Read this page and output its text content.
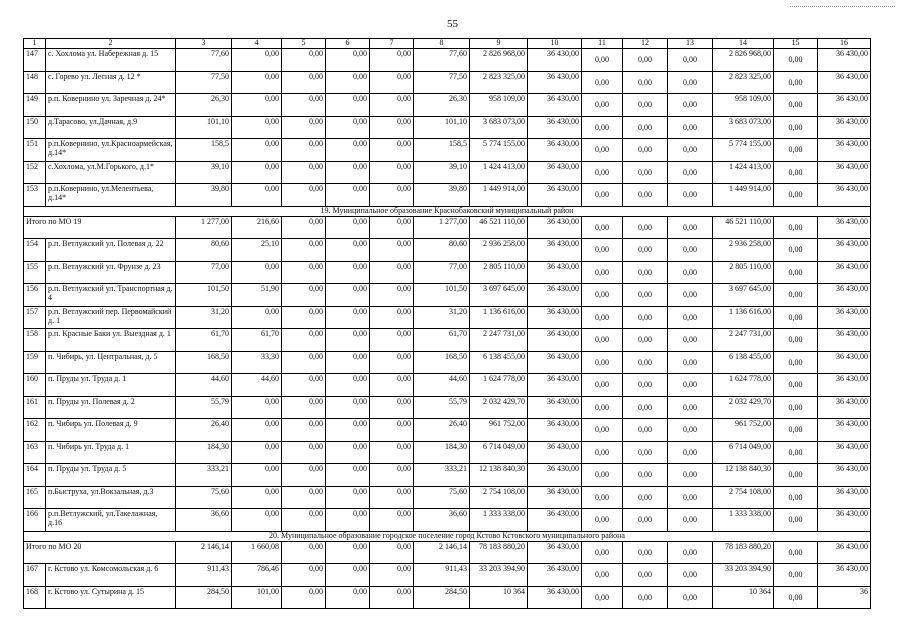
55
1	2	3	4	5	6	7	8	9	10	11	12	13	14	15	16
147	с. Хохлома ул. Набережная д. 15	77,60	0,00	0,00	0,00	0,00	77,60	2 826 968,00	36 430,00	0,00	0,00	0,00	2 826 968,00	0,00	36 430,00
148	с. Горево ул. Лесная д. 12 *	77,50	0,00	0,00	0,00	0,00	77,50	2 823 325,00	36 430,00	0,00	0,00	0,00	2 823 325,00	0,00	36 430,00
149	р.п. Ковернино ул. Заречная д. 24*	26,30	0,00	0,00	0,00	0,00	26,30	958 109,00	36 430,00	0,00	0,00	0,00	958 109,00	0,00	36 430,00
150	д.Тарасово, ул.Дачная, д.9	101,10	0,00	0,00	0,00	0,00	101,10	3 683 073,00	36 430,00	0,00	0,00	0,00	3 683 073,00	0,00	36 430,00
151	р.п.Ковернино, ул.Красноармейская, д.14*	158,5	0,00	0,00	0,00	0,00	158,5	5 774 155,00	36 430,00	0,00	0,00	0,00	5 774 155,00	0,00	36 430,00
152	с.Хохлома, ул.М.Горького, д.1*	39,10	0,00	0,00	0,00	0,00	39,10	1 424 413,00	36 430,00	0,00	0,00	0,00	1 424 413,00	0,00	36 430,00
153	р.п.Ковернино, ул.Мелентьева, д.14*	39,80	0,00	0,00	0,00	0,00	39,80	1 449 914,00	36 430,00	0,00	0,00	0,00	1 449 914,00	0,00	36 430,00
19. Муниципальное образование Краснобаковский муниципальный район															
Итого по МО 19		1 277,00	216,60	0,00	0,00	0,00	1 277,00	46 521 110,00	36 430,00	0,00	0,00	0,00	46 521 110,00	0,00	36 430,00
154	р.п. Ветлужский ул. Полевая д. 22	80,60	25,10	0,00	0,00	0,00	80,60	2 936 258,00	36 430,00	0,00	0,00	0,00	2 936 258,00	0,00	36 430,00
155	р.п. Ветлужский ул. Фрунзе д. 23	77,00	0,00	0,00	0,00	0,00	77,00	2 805 110,00	36 430,00	0,00	0,00	0,00	2 805 110,00	0,00	36 430,00
156	р.п. Ветлужский ул. Транспортная д. 4	101,50	51,90	0,00	0,00	0,00	101,50	3 697 645,00	36 430,00	0,00	0,00	0,00	3 697 645,00	0,00	36 430,00
157	р.п. Ветлужский пер. Первомайский д. 1	31,20	0,00	0,00	0,00	0,00	31,20	1 136 616,00	36 430,00	0,00	0,00	0,00	1 136 616,00	0,00	36 430,00
158	р.п. Красные Баки ул. Выездная д. 1	61,70	61,70	0,00	0,00	0,00	61,70	2 247 731,00	36 430,00	0,00	0,00	0,00	2 247 731,00	0,00	36 430,00
159	п. Чибирь, ул. Центральная, д. 5	168,50	33,30	0,00	0,00	0,00	168,50	6 138 455,00	36 430,00	0,00	0,00	0,00	6 138 455,00	0,00	36 430,00
160	п. Пруды ул. Труда д. 1	44,60	44,60	0,00	0,00	0,00	44,60	1 624 778,00	36 430,00	0,00	0,00	0,00	1 624 778,00	0,00	36 430,00
161	п. Пруды ул. Полевая д. 2	55,79	0,00	0,00	0,00	0,00	55,79	2 032 429,70	36 430,00	0,00	0,00	0,00	2 032 429,70	0,00	36 430,00
162	п. Чибирь ул. Полевая д. 9	26,40	0,00	0,00	0,00	0,00	26,40	961 752,00	36 430,00	0,00	0,00	0,00	961 752,00	0,00	36 430,00
163	п. Чибирь ул. Труда д. 1	184,30	0,00	0,00	0,00	0,00	184,30	6 714 049,00	36 430,00	0,00	0,00	0,00	6 714 049,00	0,00	36 430,00
164	п. Пруды ул. Труда д. 5	333,21	0,00	0,00	0,00	0,00	333,21	12 138 840,30	36 430,00	0,00	0,00	0,00	12 138 840,30	0,00	36 430,00
165	п.Быструха, ул.Вокзальная, д.3	75,60	0,00	0,00	0,00	0,00	75,60	2 754 108,00	36 430,00	0,00	0,00	0,00	2 754 108,00	0,00	36 430,00
166	р.п.Ветлужский, ул.Такелажная, д.16	36,60	0,00	0,00	0,00	0,00	36,60	1 333 338,00	36 430,00	0,00	0,00	0,00	1 333 338,00	0,00	36 430,00
20. Муниципальное образование городское поселение город Кстово Кстовского муниципального района															
Итого по МО 20		2 146,14	1 660,08	0,00	0,00	0,00	2 146,14	78 183 880,20	36 430,00	0,00	0,00	0,00	78 183 880,20	0,00	36 430,00
167	г. Кстово ул. Комсомольская д. 6	911,43	786,46	0,00	0,00	0,00	911,43	33 203 394,90	36 430,00	0,00	0,00	0,00	33 203 394,90	0,00	36 430,00
168	г. Кстово ул. Сутырина д. 15	284,50	101,00	0,00	0,00	0,00	284,50	10 364	36 430,00	0,00	0,00	0,00	10 364	0,00	36
